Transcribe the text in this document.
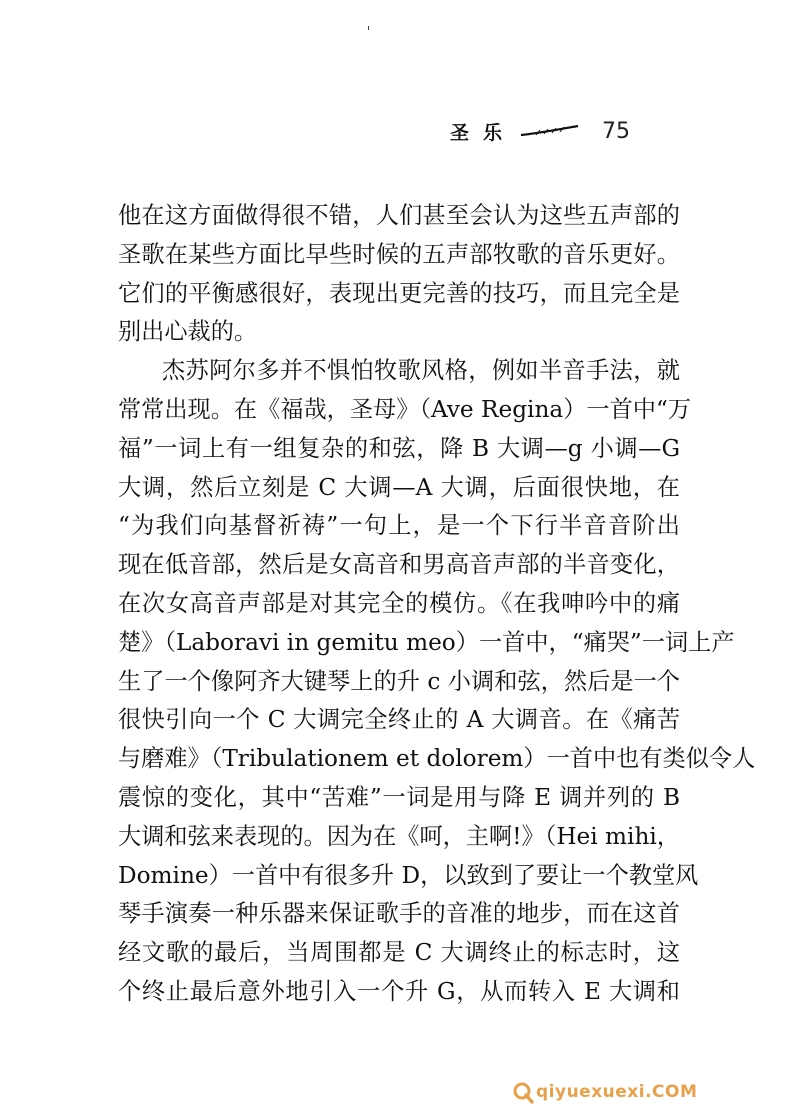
圣乐	75
他在这方面做得很不错，人们甚至会认为这些五声部的
圣歌在某些方面比早些时候的五声部牧歌的音乐更好。
它们的平衡感很好，表现出更完善的技巧，而且完全是
别出心裁的。
杰苏阿尔多并不惧怕牧歌风格，例如半音手法，就
常常出现。在《福哉，圣母》（Ave Regina）一首中“万
福”一词上有一组复杂的和弦，降 B 大调—g 小调—G
大调，然后立刻是 C 大调—A 大调，后面很快地，在
“为我们向基督祈祷”一句上，是一个下行半音音阶出
现在低音部，然后是女高音和男高音声部的半音变化，
在次女高音声部是对其完全的模仿。《在我呻吟中的痛
楚》（Laboravi in gemitu meo）一首中，“痛哭”一词上产
生了一个像阿齐大键琴上的升 c 小调和弦，然后是一个
很快引向一个 C 大调完全终止的 A 大调音。在《痛苦
与磨难》（Tribulationem et dolorem）一首中也有类似令人
震惊的变化，其中“苦难”一词是用与降 E 调并列的 B
大调和弦来表现的。因为在《呵，主啊!》（Hei mihi，
Domine）一首中有很多升 D，以致到了要让一个教堂风
琴手演奏一种乐器来保证歌手的音准的地步，而在这首
经文歌的最后，当周围都是 C 大调终止的标志时，这
个终止最后意外地引入一个升 G，从而转入 E 大调和
qiyuexuexi.COM
